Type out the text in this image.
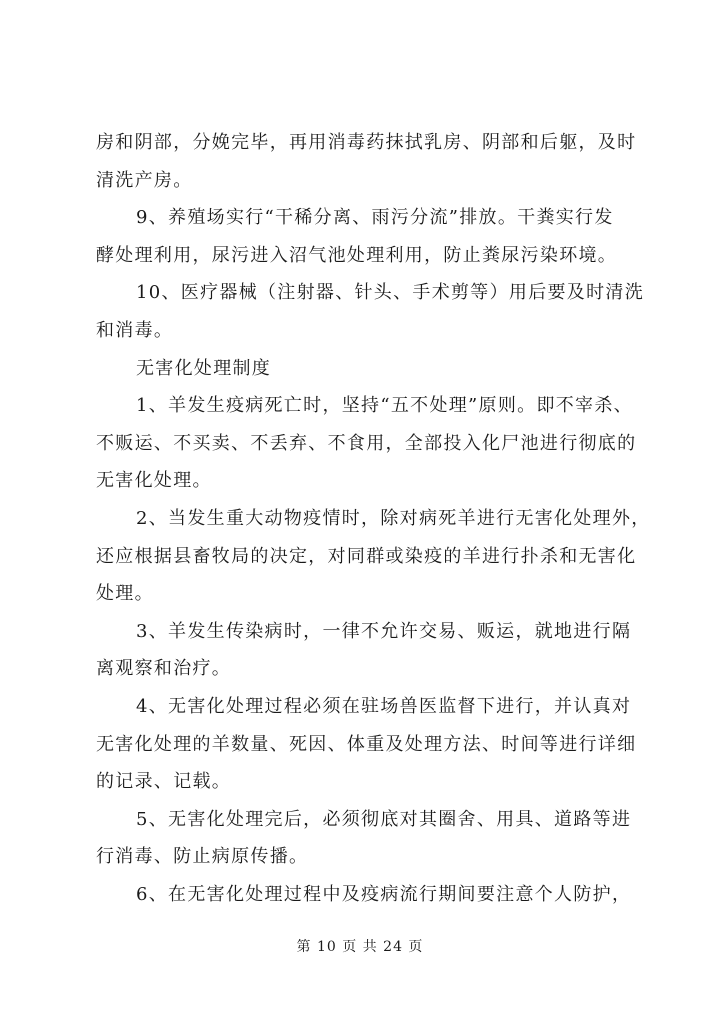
房和阴部，分娩完毕，再用消毒药抹拭乳房、阴部和后躯，及时
清洗产房。
9、养殖场实行“干稀分离、雨污分流”排放。干粪实行发
酵处理利用，尿污进入沼气池处理利用，防止粪尿污染环境。
10、医疗器械（注射器、针头、手术剪等）用后要及时清洗
和消毒。
无害化处理制度
1、羊发生疫病死亡时，坚持“五不处理”原则。即不宰杀、
不贩运、不买卖、不丢弃、不食用，全部投入化尸池进行彻底的
无害化处理。
2、当发生重大动物疫情时，除对病死羊进行无害化处理外，
还应根据县畜牧局的决定，对同群或染疫的羊进行扑杀和无害化
处理。
3、羊发生传染病时，一律不允许交易、贩运，就地进行隔
离观察和治疗。
4、无害化处理过程必须在驻场兽医监督下进行，并认真对
无害化处理的羊数量、死因、体重及处理方法、时间等进行详细
的记录、记载。
5、无害化处理完后，必须彻底对其圈舍、用具、道路等进
行消毒、防止病原传播。
6、在无害化处理过程中及疫病流行期间要注意个人防护，
第 10 页 共 24 页
